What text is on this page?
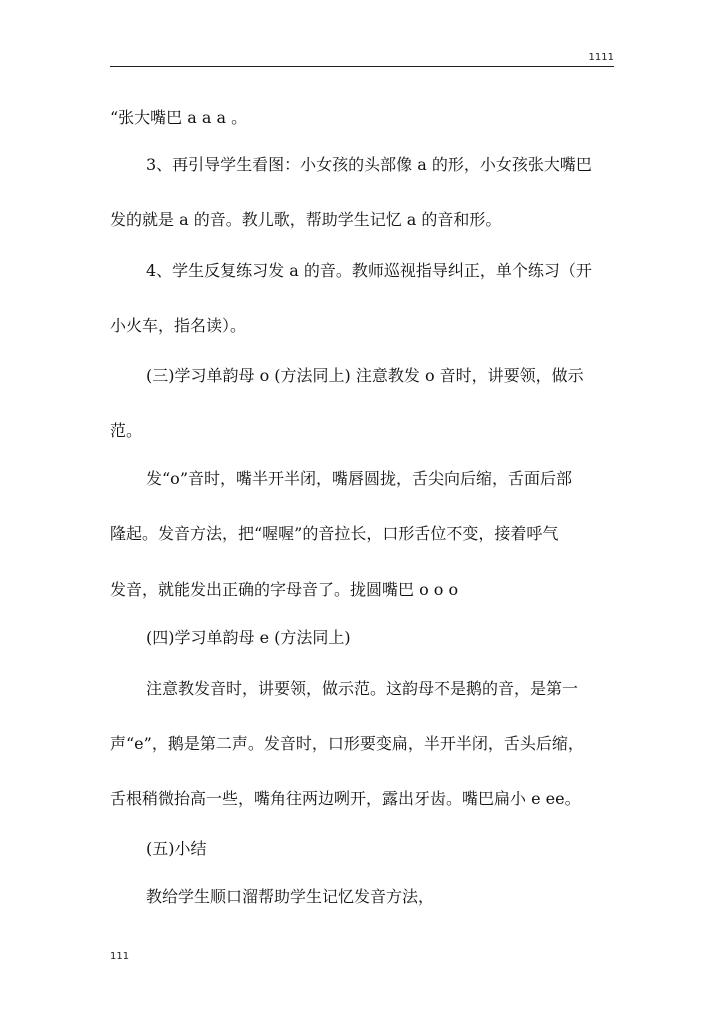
1111
“张大嘴巴 a a a 。
3、再引导学生看图：小女孩的头部像 a 的形，小女孩张大嘴巴
发的就是 a 的音。教儿歌，帮助学生记忆 a 的音和形。
4、学生反复练习发 a 的音。教师巡视指导纠正，单个练习（开
小火车，指名读）。
(三)学习单韵母 o (方法同上) 注意教发 o 音时，讲要领，做示
范。
发“o”音时，嘴半开半闭，嘴唇圆拢，舌尖向后缩，舌面后部
隆起。发音方法，把“喔喔”的音拉长，口形舌位不变，接着呼气
发音，就能发出正确的字母音了。拢圆嘴巴 o o o
(四)学习单韵母 e (方法同上)
注意教发音时，讲要领，做示范。这韵母不是鹅的音，是第一
声“e”，鹅是第二声。发音时，口形要变扁，半开半闭，舌头后缩，
舌根稍微抬高一些，嘴角往两边咧开，露出牙齿。嘴巴扁小 e ee。
(五)小结
教给学生顺口溜帮助学生记忆发音方法，
111
